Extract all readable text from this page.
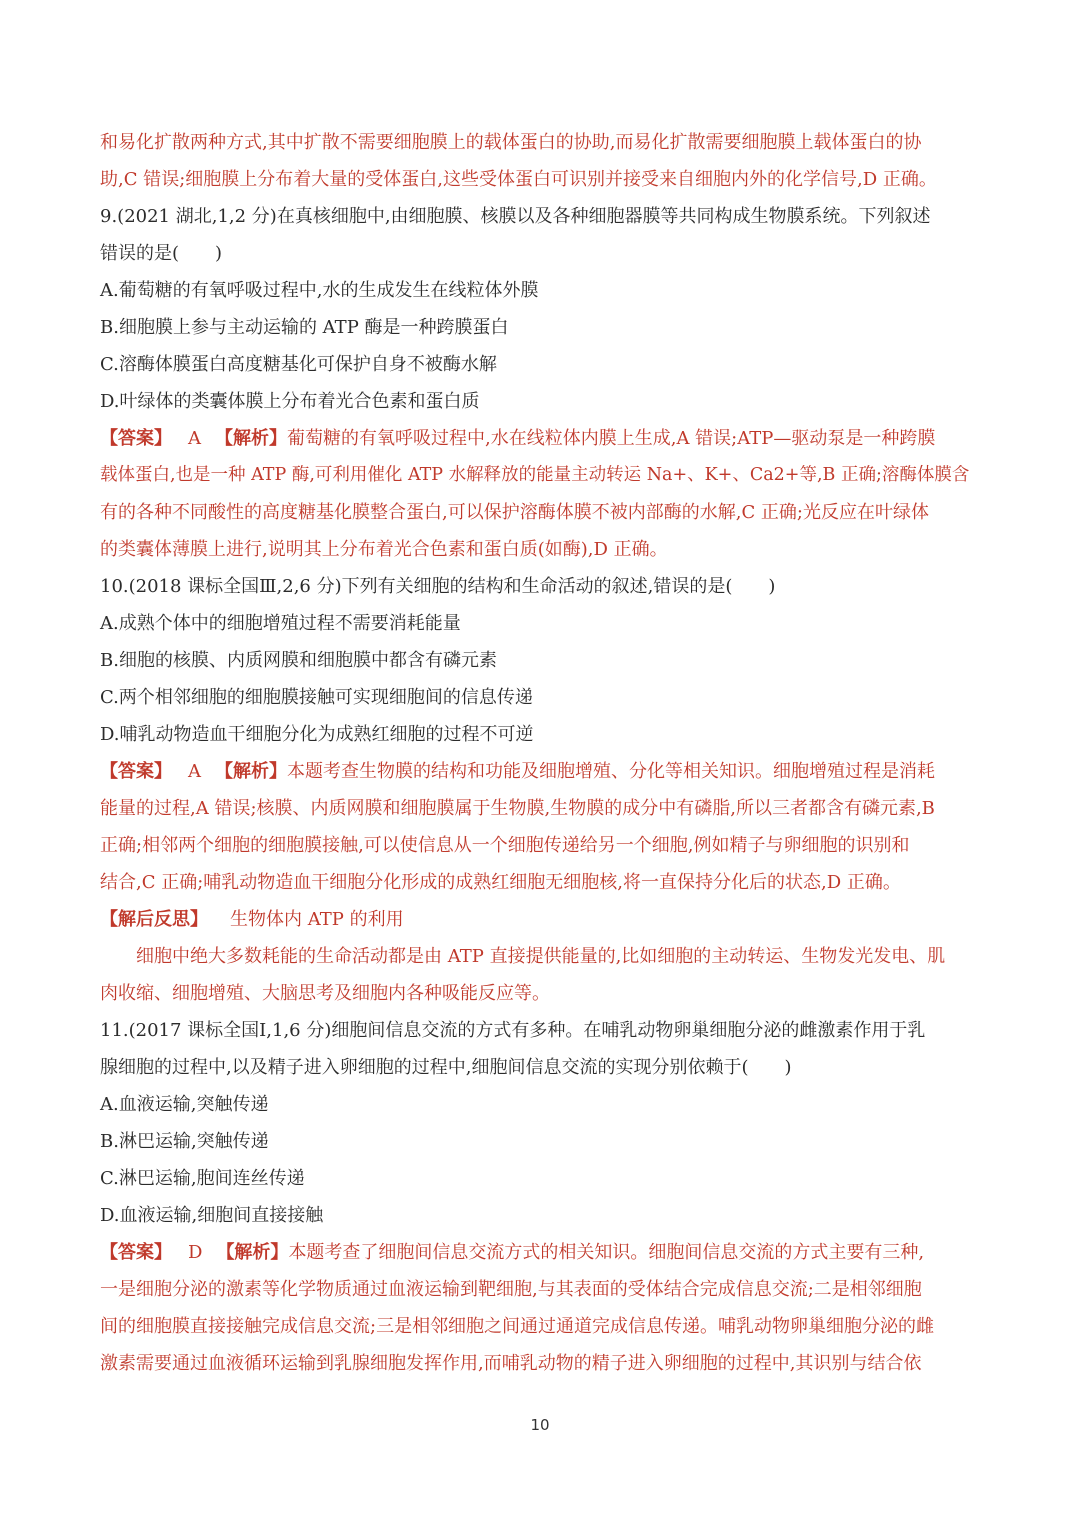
和易化扩散两种方式,其中扩散不需要细胞膜上的载体蛋白的协助,而易化扩散需要细胞膜上载体蛋白的协
助,C 错误;细胞膜上分布着大量的受体蛋白,这些受体蛋白可识别并接受来自细胞内外的化学信号,D 正确。
9.(2021 湖北,1,2 分)在真核细胞中,由细胞膜、核膜以及各种细胞器膜等共同构成生物膜系统。下列叙述
错误的是(　　)
A.葡萄糖的有氧呼吸过程中,水的生成发生在线粒体外膜
B.细胞膜上参与主动运输的 ATP 酶是一种跨膜蛋白
C.溶酶体膜蛋白高度糖基化可保护自身不被酶水解
D.叶绿体的类囊体膜上分布着光合色素和蛋白质
【答案】 A 【解析】葡萄糖的有氧呼吸过程中,水在线粒体内膜上生成,A 错误;ATP—驱动泵是一种跨膜
载体蛋白,也是一种 ATP 酶,可利用催化 ATP 水解释放的能量主动转运 Na+、K+、Ca2+等,B 正确;溶酶体膜含
有的各种不同酸性的高度糖基化膜整合蛋白,可以保护溶酶体膜不被内部酶的水解,C 正确;光反应在叶绿体
的类囊体薄膜上进行,说明其上分布着光合色素和蛋白质(如酶),D 正确。
10.(2018 课标全国Ⅲ,2,6 分)下列有关细胞的结构和生命活动的叙述,错误的是(　　)
A.成熟个体中的细胞增殖过程不需要消耗能量
B.细胞的核膜、内质网膜和细胞膜中都含有磷元素
C.两个相邻细胞的细胞膜接触可实现细胞间的信息传递
D.哺乳动物造血干细胞分化为成熟红细胞的过程不可逆
【答案】 A 【解析】本题考查生物膜的结构和功能及细胞增殖、分化等相关知识。细胞增殖过程是消耗
能量的过程,A 错误;核膜、内质网膜和细胞膜属于生物膜,生物膜的成分中有磷脂,所以三者都含有磷元素,B
正确;相邻两个细胞的细胞膜接触,可以使信息从一个细胞传递给另一个细胞,例如精子与卵细胞的识别和
结合,C 正确;哺乳动物造血干细胞分化形成的成熟红细胞无细胞核,将一直保持分化后的状态,D 正确。
【解后反思】 生物体内 ATP 的利用
细胞中绝大多数耗能的生命活动都是由 ATP 直接提供能量的,比如细胞的主动转运、生物发光发电、肌
肉收缩、细胞增殖、大脑思考及细胞内各种吸能反应等。
11.(2017 课标全国Ⅰ,1,6 分)细胞间信息交流的方式有多种。在哺乳动物卵巢细胞分泌的雌激素作用于乳
腺细胞的过程中,以及精子进入卵细胞的过程中,细胞间信息交流的实现分别依赖于(　　)
A.血液运输,突触传递
B.淋巴运输,突触传递
C.淋巴运输,胞间连丝传递
D.血液运输,细胞间直接接触
【答案】 D 【解析】本题考查了细胞间信息交流方式的相关知识。细胞间信息交流的方式主要有三种,
一是细胞分泌的激素等化学物质通过血液运输到靶细胞,与其表面的受体结合完成信息交流;二是相邻细胞
间的细胞膜直接接触完成信息交流;三是相邻细胞之间通过通道完成信息传递。哺乳动物卵巢细胞分泌的雌
激素需要通过血液循环运输到乳腺细胞发挥作用,而哺乳动物的精子进入卵细胞的过程中,其识别与结合依
10
